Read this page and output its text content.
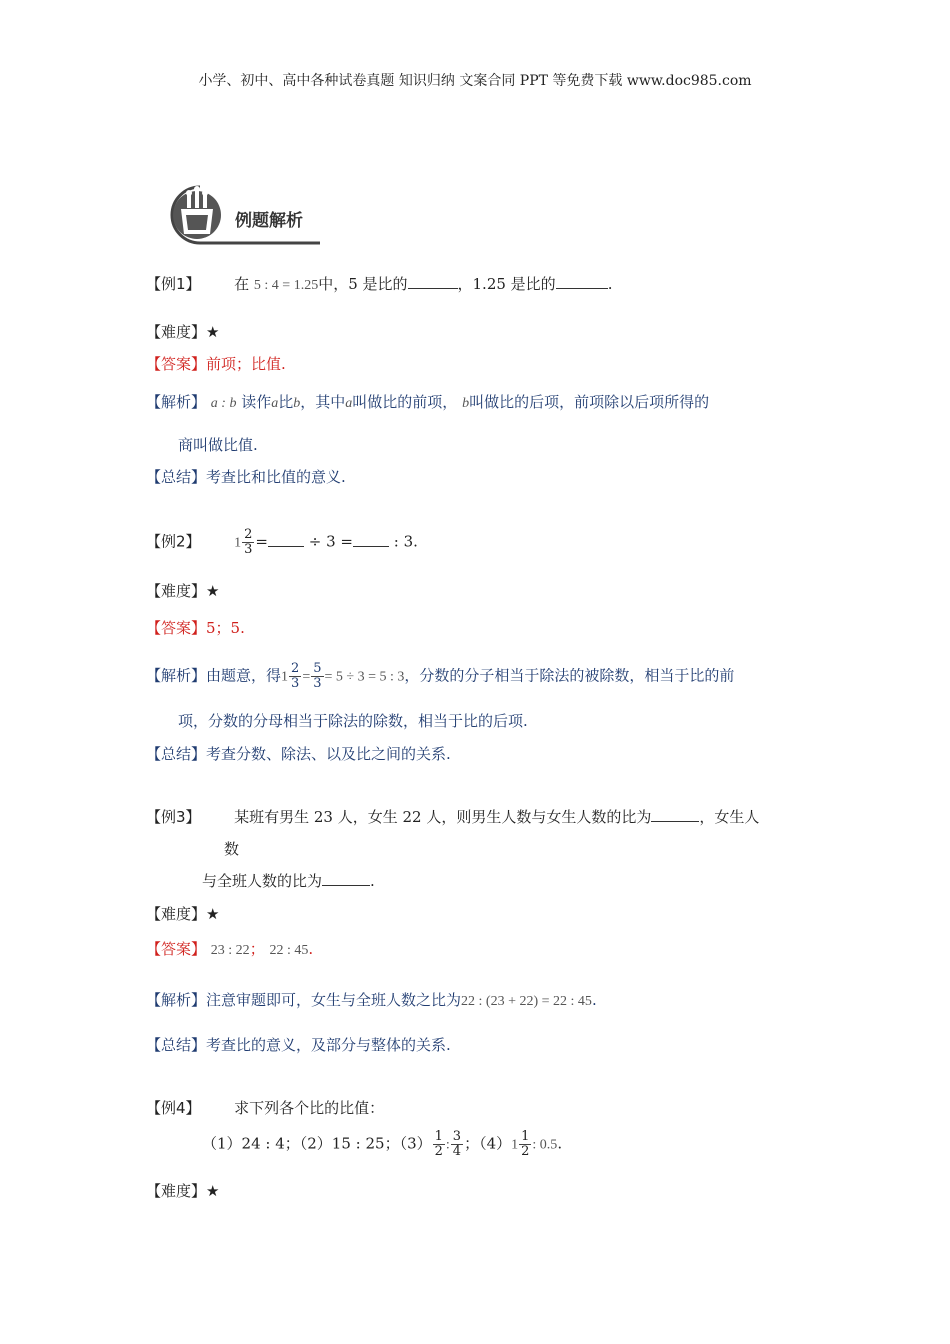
小学、初中、高中各种试卷真题 知识归纳 文案合同 PPT 等免费下载 www.doc985.com
例题解析
【例1】 在 5 : 4 = 1.25中，5 是比的	，1.25 是比的	.
【难度】★
【答案】前项；比值.
【解析】 a : b 读作a比b，其中a叫做比的前项， b叫做比的后项，前项除以后项所得的
商叫做比值.
【总结】考查比和比值的意义.
【例2】 $1 \frac{2}{3}$ =	÷ 3 =	: 3.
【难度】★
【答案】5；5.
【解析】由题意，得$1 \frac{2}{3} = \frac{5}{3} = 5 \div 3 = 5$ : 3，分数的分子相当于除法的被除数，相当于比的前
项，分数的分母相当于除法的除数，相当于比的后项.
【总结】考查分数、除法、以及比之间的关系.
【例3】 某班有男生 23 人，女生 22 人，则男生人数与女生人数的比为	，女生人
数
与全班人数的比为	.
【难度】★
【答案】 23 : 22； 22 : 45.
【解析】注意审题即可，女生与全班人数之比为22 : (23 + 22) = 22 : 45.
【总结】考查比的意义，及部分与整体的关系.
【例4】 求下列各个比的比值：
（1）24 : 4；（2）15 : 25；$(3) \frac{1}{2}$ : $\frac{3}{4}$ ；$(4)1 \frac{1}{2}$ : 0.5.
【难度】★
